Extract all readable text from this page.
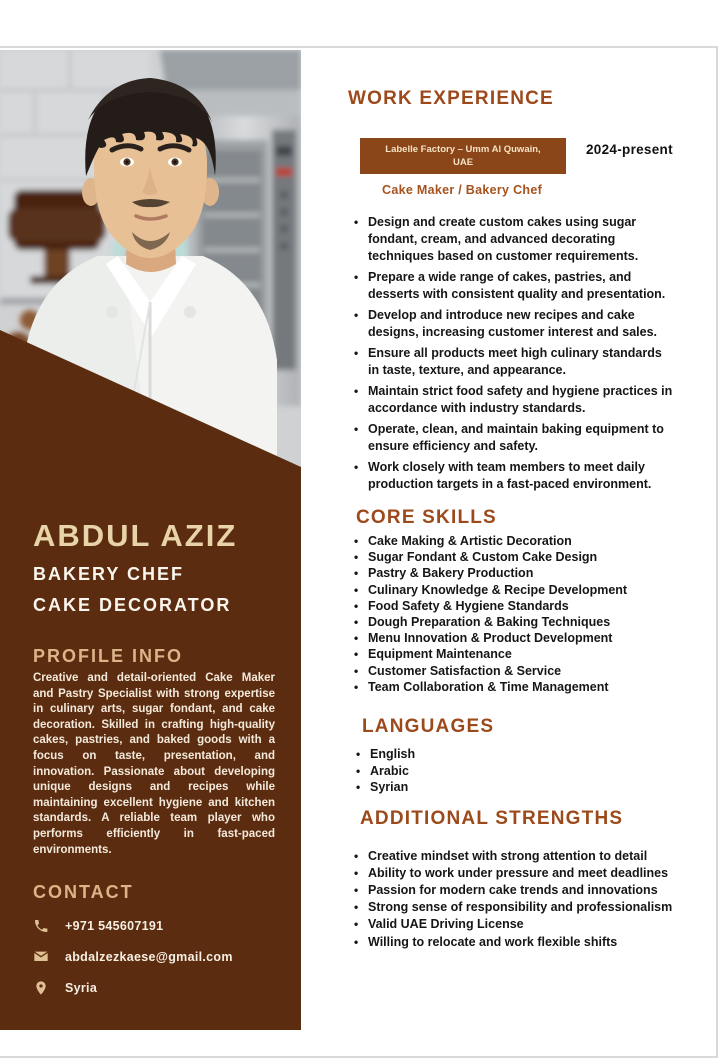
ABDUL AZIZ
BAKERY CHEF
CAKE DECORATOR
PROFILE INFO

Creative and detail-oriented Cake Maker and Pastry Specialist with strong expertise in culinary arts, sugar fondant, and cake decoration. Skilled in crafting high-quality cakes, pastries, and baked goods with a focus on taste, presentation, and innovation. Passionate about developing unique designs and recipes while maintaining excellent hygiene and kitchen standards. A reliable team player who performs efficiently in fast-paced environments.

CONTACT
+971 545607191
abdalzezkaese@gmail.com
Syria
WORK EXPERIENCE
Labelle Factory – Umm Al Quwain, UAE
2024-present
Cake Maker / Bakery Chef
• Design and create custom cakes using sugar fondant, cream, and advanced decorating techniques based on customer requirements.
• Prepare a wide range of cakes, pastries, and desserts with consistent quality and presentation.
• Develop and introduce new recipes and cake designs, increasing customer interest and sales.
• Ensure all products meet high culinary standards in taste, texture, and appearance.
• Maintain strict food safety and hygiene practices in accordance with industry standards.
• Operate, clean, and maintain baking equipment to ensure efficiency and safety.
• Work closely with team members to meet daily production targets in a fast-paced environment.
CORE SKILLS
• Cake Making & Artistic Decoration
• Sugar Fondant & Custom Cake Design
• Pastry & Bakery Production
• Culinary Knowledge & Recipe Development
• Food Safety & Hygiene Standards
• Dough Preparation & Baking Techniques
• Menu Innovation & Product Development
• Equipment Maintenance
• Customer Satisfaction & Service
• Team Collaboration & Time Management
LANGUAGES
• English
• Arabic
• Syrian
ADDITIONAL STRENGTHS
• Creative mindset with strong attention to detail
• Ability to work under pressure and meet deadlines
• Passion for modern cake trends and innovations
• Strong sense of responsibility and professionalism
• Valid UAE Driving License
• Willing to relocate and work flexible shifts
